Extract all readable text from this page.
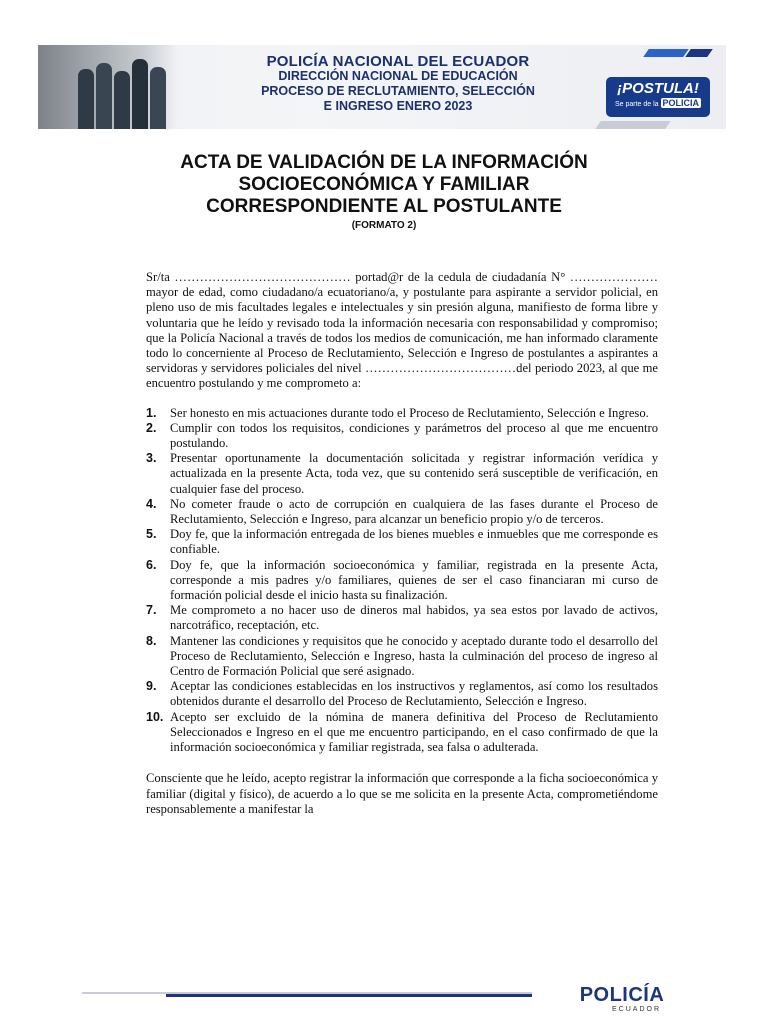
POLICÍA NACIONAL DEL ECUADOR
DIRECCIÓN NACIONAL DE EDUCACIÓN
PROCESO DE RECLUTAMIENTO, SELECCIÓN
E INGRESO ENERO 2023
¡POSTULA!
Se parte de la POLICIA
ACTA DE VALIDACIÓN DE LA INFORMACIÓN
SOCIOECONÓMICA Y FAMILIAR
CORRESPONDIENTE AL POSTULANTE
(FORMATO 2)

Sr/ta …………………………………… portad@r de la cedula de ciudadanía N° …………………mayor de edad, como ciudadano/a ecuatoriano/a, y postulante para aspirante a servidor policial, en pleno uso de mis facultades legales e intelectuales y sin presión alguna, manifiesto de forma libre y voluntaria que he leído y revisado toda la información necesaria con responsabilidad y compromiso; que la Policía Nacional a través de todos los medios de comunicación, me han informado claramente todo lo concerniente al Proceso de Reclutamiento, Selección e Ingreso de postulantes a aspirantes a servidoras y servidores policiales del nivel ………………………………del periodo 2023, al que me encuentro postulando y me comprometo a:

1. Ser honesto en mis actuaciones durante todo el Proceso de Reclutamiento, Selección e Ingreso.
2. Cumplir con todos los requisitos, condiciones y parámetros del proceso al que me encuentro postulando.
3. Presentar oportunamente la documentación solicitada y registrar información verídica y actualizada en la presente Acta, toda vez, que su contenido será susceptible de verificación, en cualquier fase del proceso.
4. No cometer fraude o acto de corrupción en cualquiera de las fases durante el Proceso de Reclutamiento, Selección e Ingreso, para alcanzar un beneficio propio y/o de terceros.
5. Doy fe, que la información entregada de los bienes muebles e inmuebles que me corresponde es confiable.
6. Doy fe, que la información socioeconómica y familiar, registrada en la presente Acta, corresponde a mis padres y/o familiares, quienes de ser el caso financiaran mi curso de formación policial desde el inicio hasta su finalización.
7. Me comprometo a no hacer uso de dineros mal habidos, ya sea estos por lavado de activos, narcotráfico, receptación, etc.
8. Mantener las condiciones y requisitos que he conocido y aceptado durante todo el desarrollo del Proceso de Reclutamiento, Selección e Ingreso, hasta la culminación del proceso de ingreso al Centro de Formación Policial que seré asignado.
9. Aceptar las condiciones establecidas en los instructivos y reglamentos, así como los resultados obtenidos durante el desarrollo del Proceso de Reclutamiento, Selección e Ingreso.
10. Acepto ser excluido de la nómina de manera definitiva del Proceso de Reclutamiento Seleccionados e Ingreso en el que me encuentro participando, en el caso confirmado de que la información socioeconómica y familiar registrada, sea falsa o adulterada.

Consciente que he leído, acepto registrar la información que corresponde a la ficha socioeconómica y familiar (digital y físico), de acuerdo a lo que se me solicita en la presente Acta, comprometiéndome responsablemente a manifestar la

POLICÍA
ECUADOR
